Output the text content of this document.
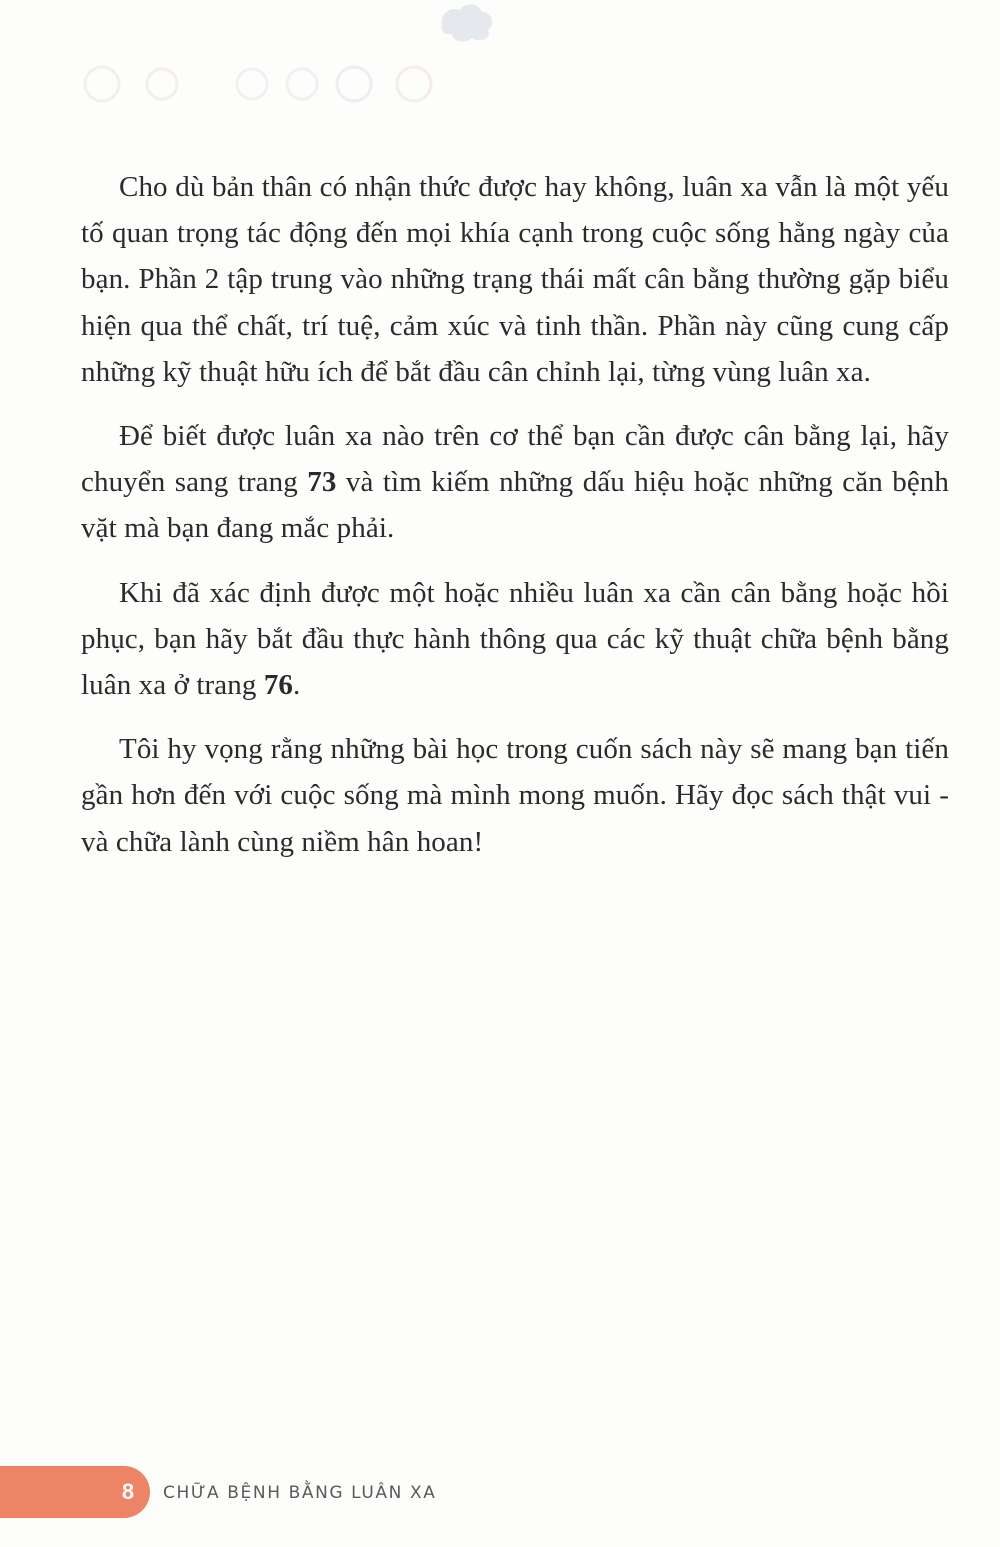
Cho dù bản thân có nhận thức được hay không, luân xa vẫn là một yếu tố quan trọng tác động đến mọi khía cạnh trong cuộc sống hằng ngày của bạn. Phần 2 tập trung vào những trạng thái mất cân bằng thường gặp biểu hiện qua thể chất, trí tuệ, cảm xúc và tinh thần. Phần này cũng cung cấp những kỹ thuật hữu ích để bắt đầu cân chỉnh lại, từng vùng luân xa.

Để biết được luân xa nào trên cơ thể bạn cần được cân bằng lại, hãy chuyển sang trang 73 và tìm kiếm những dấu hiệu hoặc những căn bệnh vặt mà bạn đang mắc phải.

Khi đã xác định được một hoặc nhiều luân xa cần cân bằng hoặc hồi phục, bạn hãy bắt đầu thực hành thông qua các kỹ thuật chữa bệnh bằng luân xa ở trang 76.

Tôi hy vọng rằng những bài học trong cuốn sách này sẽ mang bạn tiến gần hơn đến với cuộc sống mà mình mong muốn. Hãy đọc sách thật vui - và chữa lành cùng niềm hân hoan!

8	CHỮA BỆNH BẰNG LUÂN XA
